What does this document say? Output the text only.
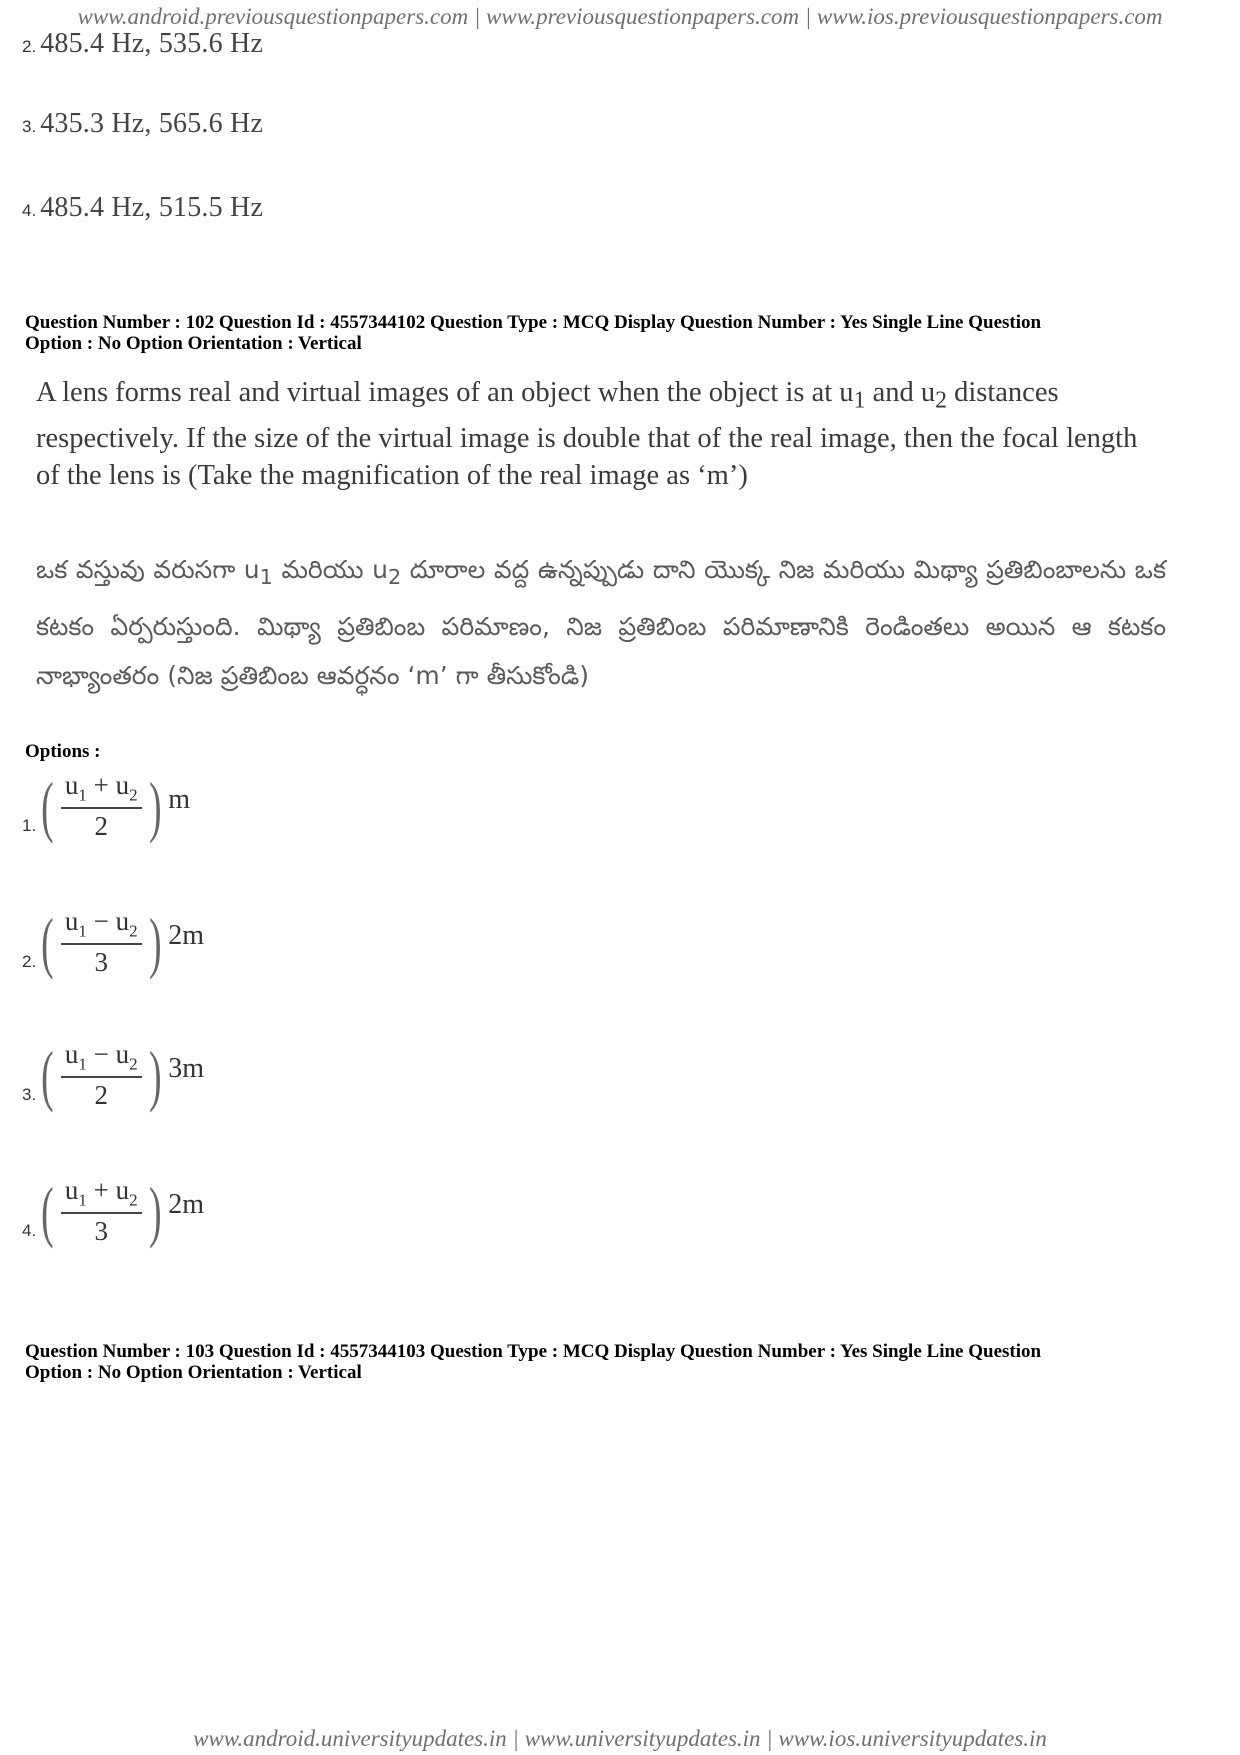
www.android.previousquestionpapers.com | www.previousquestionpapers.com | www.ios.previousquestionpapers.com
2. 485.4 Hz, 535.6 Hz
3. 435.3 Hz, 565.6 Hz
4. 485.4 Hz, 515.5 Hz
Question Number : 102 Question Id : 4557344102 Question Type : MCQ Display Question Number : Yes Single Line Question
Option : No Option Orientation : Vertical
A lens forms real and virtual images of an object when the object is at $u_1$ and $u_2$ distances respectively. If the size of the virtual image is double that of the real image, then the focal length of the lens is (Take the magnification of the real image as ‘m’)
ఒక వస్తువు వరుసగా $u_1$ మరియు $u_2$ దూరాల వద్ద ఉన్నప్పుడు దాని యొక్క నిజ మరియు మిథ్యా ప్రతిబింబాలను ఒక కటకం ఏర్పరుస్తుంది. మిథ్యా ప్రతిబింబ పరిమాణం, నిజ ప్రతిబింబ పరిమాణానికి రెండింతలు అయిన ఆ కటకం నాభ్యాంతరం (నిజ ప్రతిబింబ ఆవర్ధనం ‘m’ గా తీసుకోండి)
Options :
1. ( $\frac{u_1 + u_2}{2}$ ) m
2. ( $\frac{u_1 - u_2}{3}$ ) 2m
3. ( $\frac{u_1 - u_2}{2}$ ) 3m
4. ( $\frac{u_1 + u_2}{3}$ ) 2m
Question Number : 103 Question Id : 4557344103 Question Type : MCQ Display Question Number : Yes Single Line Question
Option : No Option Orientation : Vertical
www.android.universityupdates.in | www.universityupdates.in | www.ios.universityupdates.in
